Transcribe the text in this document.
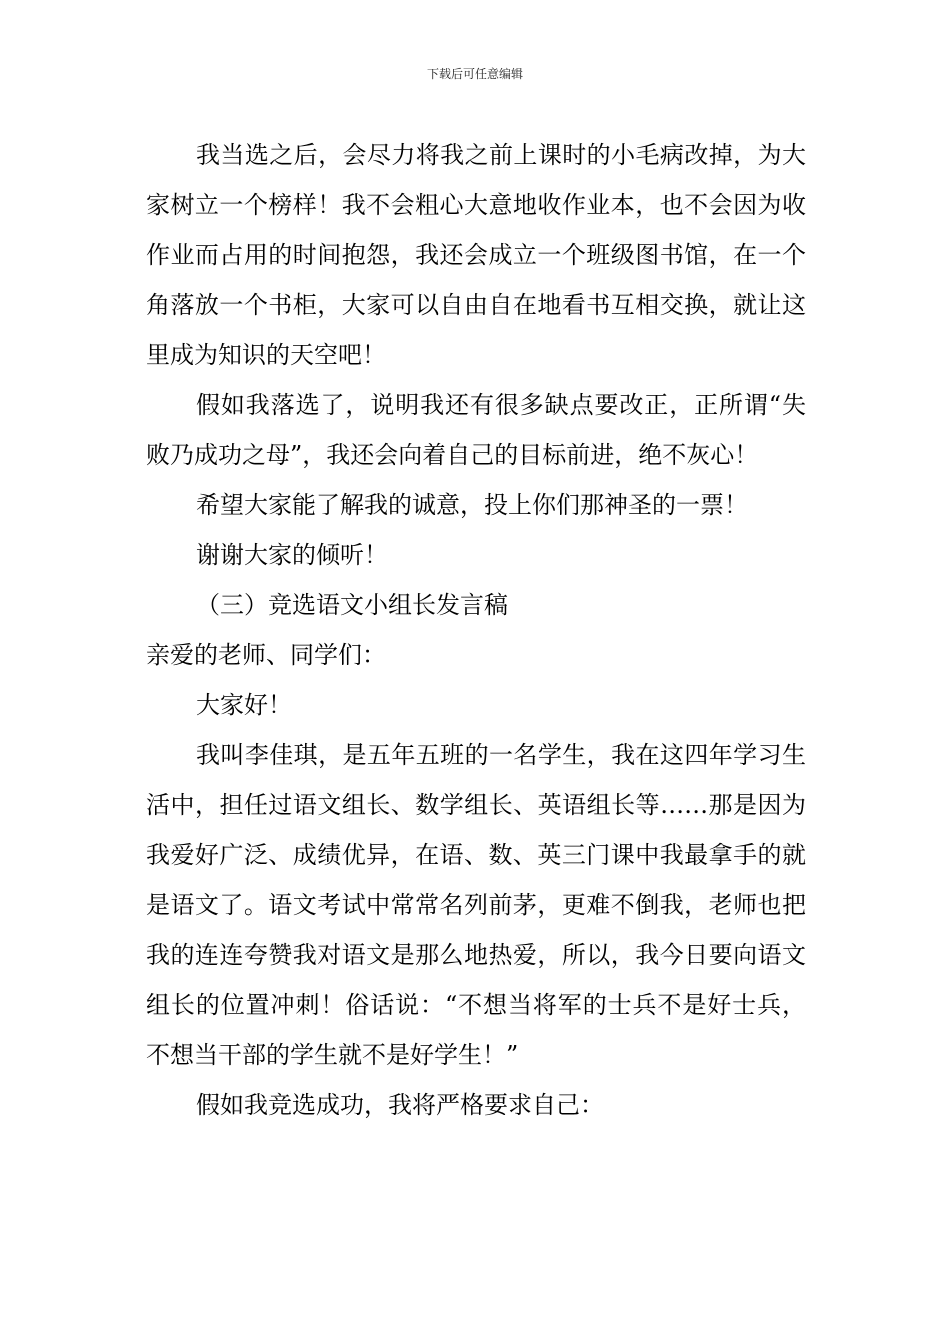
下载后可任意编辑

我当选之后，会尽力将我之前上课时的小毛病改掉，为大家树立一个榜样！我不会粗心大意地收作业本，也不会因为收作业而占用的时间抱怨，我还会成立一个班级图书馆，在一个角落放一个书柜，大家可以自由自在地看书互相交换，就让这里成为知识的天空吧！

假如我落选了，说明我还有很多缺点要改正，正所谓“失败乃成功之母”，我还会向着自己的目标前进，绝不灰心！

希望大家能了解我的诚意，投上你们那神圣的一票！

谢谢大家的倾听！

（三）竞选语文小组长发言稿

亲爱的老师、同学们：

大家好！

我叫李佳琪，是五年五班的一名学生，我在这四年学习生活中，担任过语文组长、数学组长、英语组长等……那是因为我爱好广泛、成绩优异，在语、数、英三门课中我最拿手的就是语文了。语文考试中常常名列前茅，更难不倒我，老师也把我的连连夸赞我对语文是那么地热爱，所以，我今日要向语文组长的位置冲刺！俗话说：“不想当将军的士兵不是好士兵，不想当干部的学生就不是好学生！”

假如我竞选成功，我将严格要求自己：
